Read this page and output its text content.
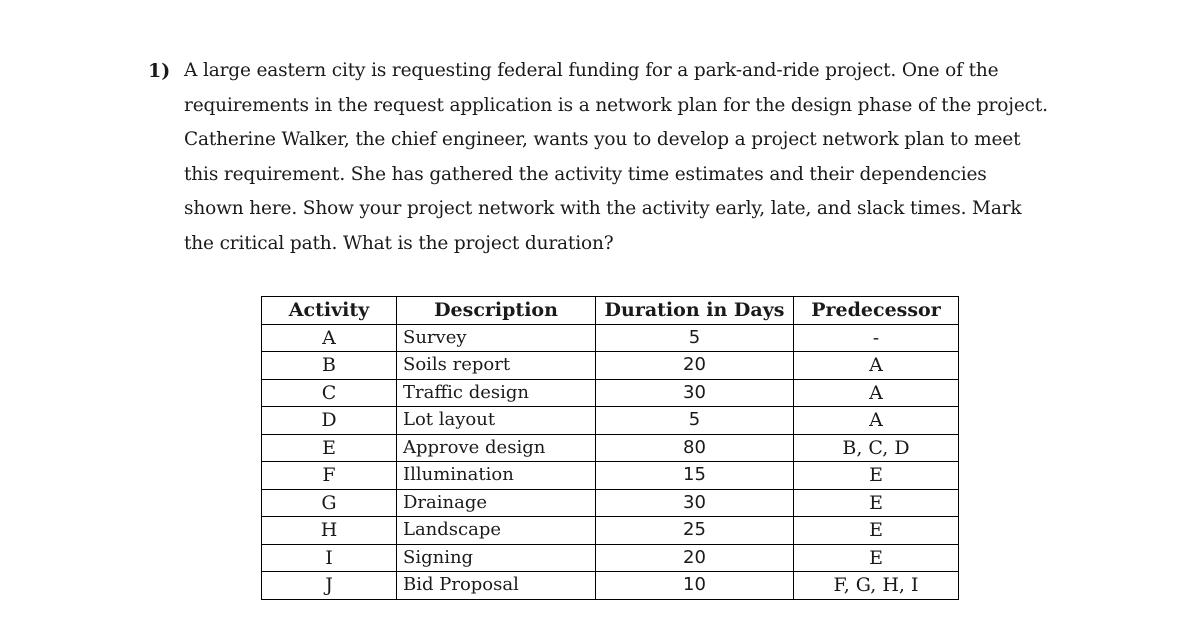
1) A large eastern city is requesting federal funding for a park-and-ride project. One of the
requirements in the request application is a network plan for the design phase of the project.
Catherine Walker, the chief engineer, wants you to develop a project network plan to meet
this requirement. She has gathered the activity time estimates and their dependencies
shown here. Show your project network with the activity early, late, and slack times. Mark
the critical path. What is the project duration?
Activity	Description	Duration in Days	Predecessor
A	Survey	5	-
B	Soils report	20	A
C	Traffic design	30	A
D	Lot layout	5	A
E	Approve design	80	B, C, D
F	Illumination	15	E
G	Drainage	30	E
H	Landscape	25	E
I	Signing	20	E
J	Bid Proposal	10	F, G, H, I
